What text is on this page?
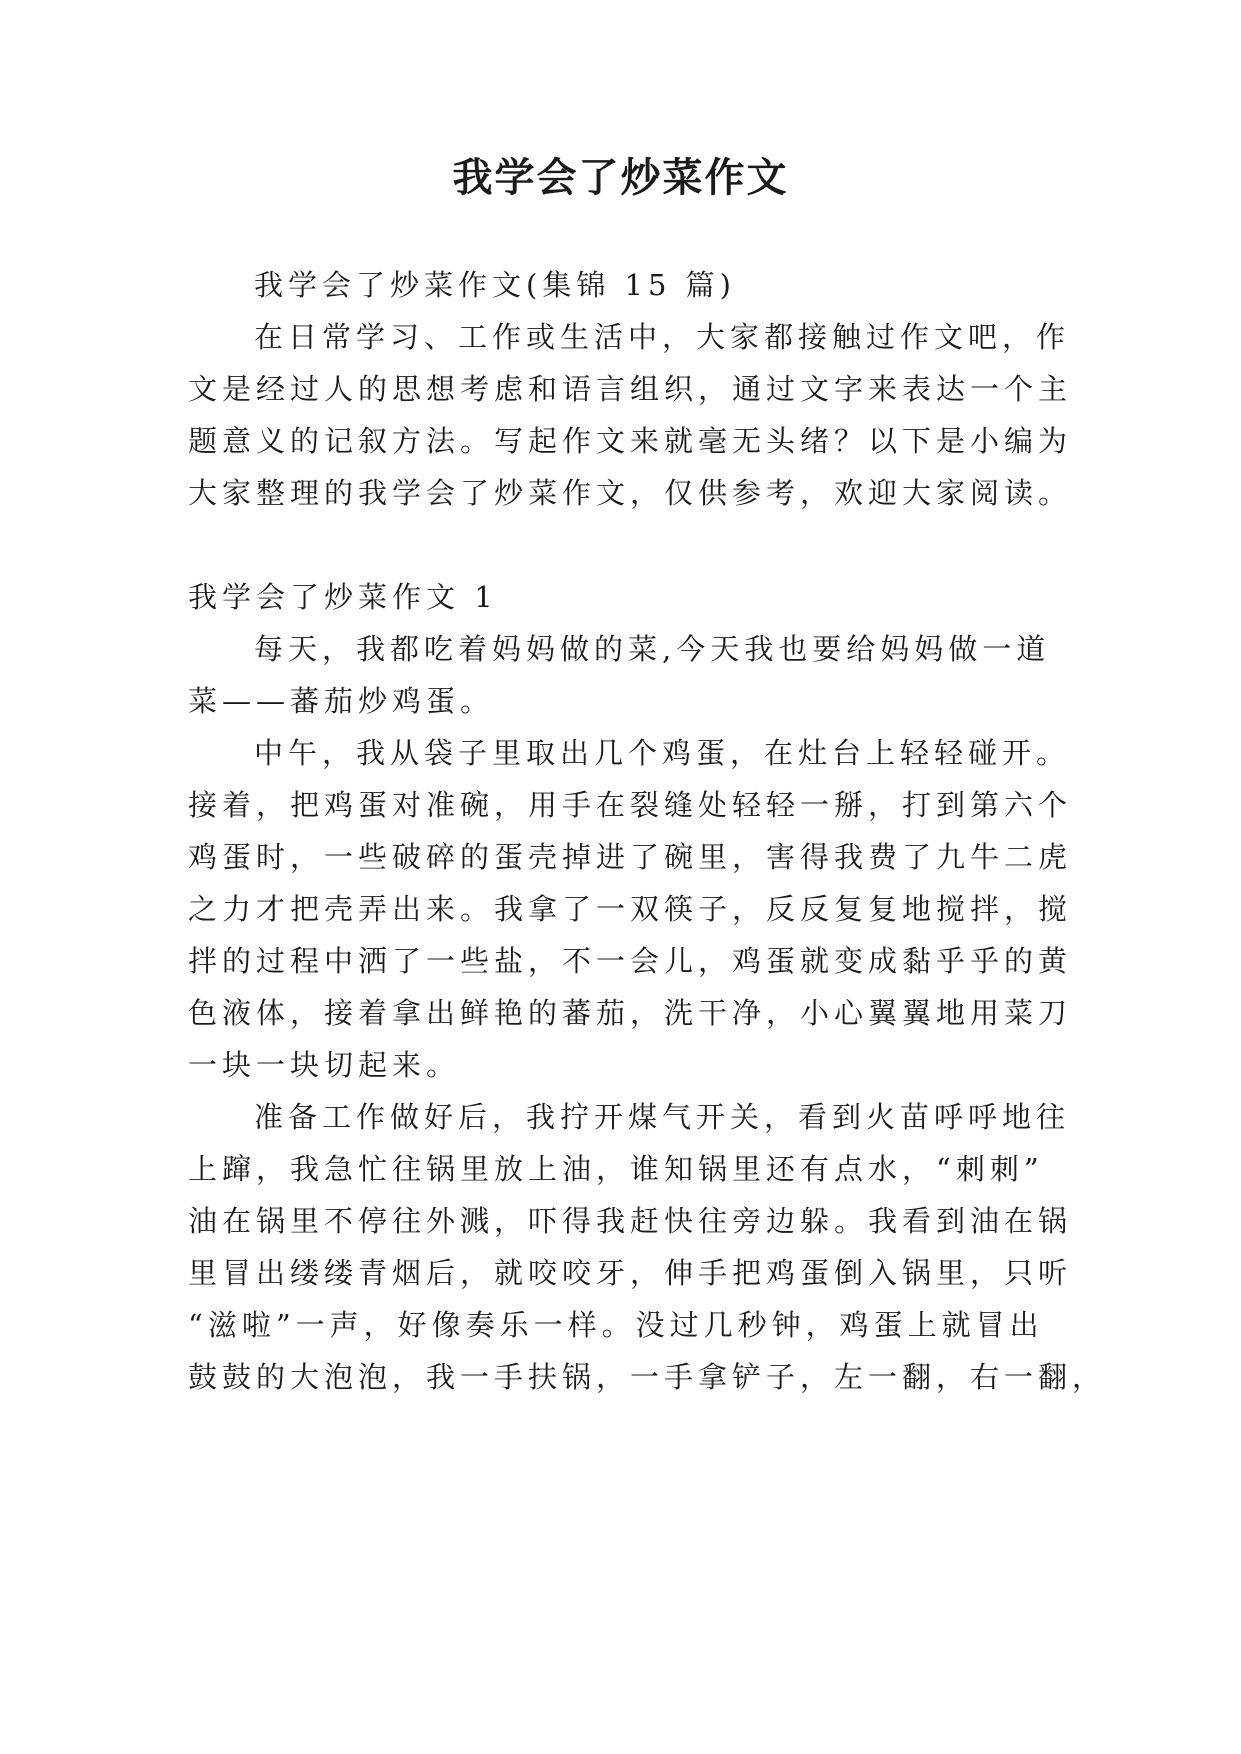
我学会了炒菜作文

我学会了炒菜作文(集锦 15 篇)

在日常学习、工作或生活中，大家都接触过作文吧，作

文是经过人的思想考虑和语言组织，通过文字来表达一个主

题意义的记叙方法。写起作文来就毫无头绪？以下是小编为

大家整理的我学会了炒菜作文，仅供参考，欢迎大家阅读。

我学会了炒菜作文 1

每天，我都吃着妈妈做的菜,今天我也要给妈妈做一道

菜——蕃茄炒鸡蛋。

中午，我从袋子里取出几个鸡蛋，在灶台上轻轻碰开。

接着，把鸡蛋对准碗，用手在裂缝处轻轻一掰，打到第六个

鸡蛋时，一些破碎的蛋壳掉进了碗里，害得我费了九牛二虎

之力才把壳弄出来。我拿了一双筷子，反反复复地搅拌，搅

拌的过程中洒了一些盐，不一会儿，鸡蛋就变成黏乎乎的黄

色液体，接着拿出鲜艳的蕃茄，洗干净，小心翼翼地用菜刀

一块一块切起来。

准备工作做好后，我拧开煤气开关，看到火苗呼呼地往

上蹿，我急忙往锅里放上油，谁知锅里还有点水，“刺刺”

油在锅里不停往外溅，吓得我赶快往旁边躲。我看到油在锅

里冒出缕缕青烟后，就咬咬牙，伸手把鸡蛋倒入锅里，只听

“滋啦”一声，好像奏乐一样。没过几秒钟，鸡蛋上就冒出

鼓鼓的大泡泡，我一手扶锅，一手拿铲子，左一翻，右一翻，
